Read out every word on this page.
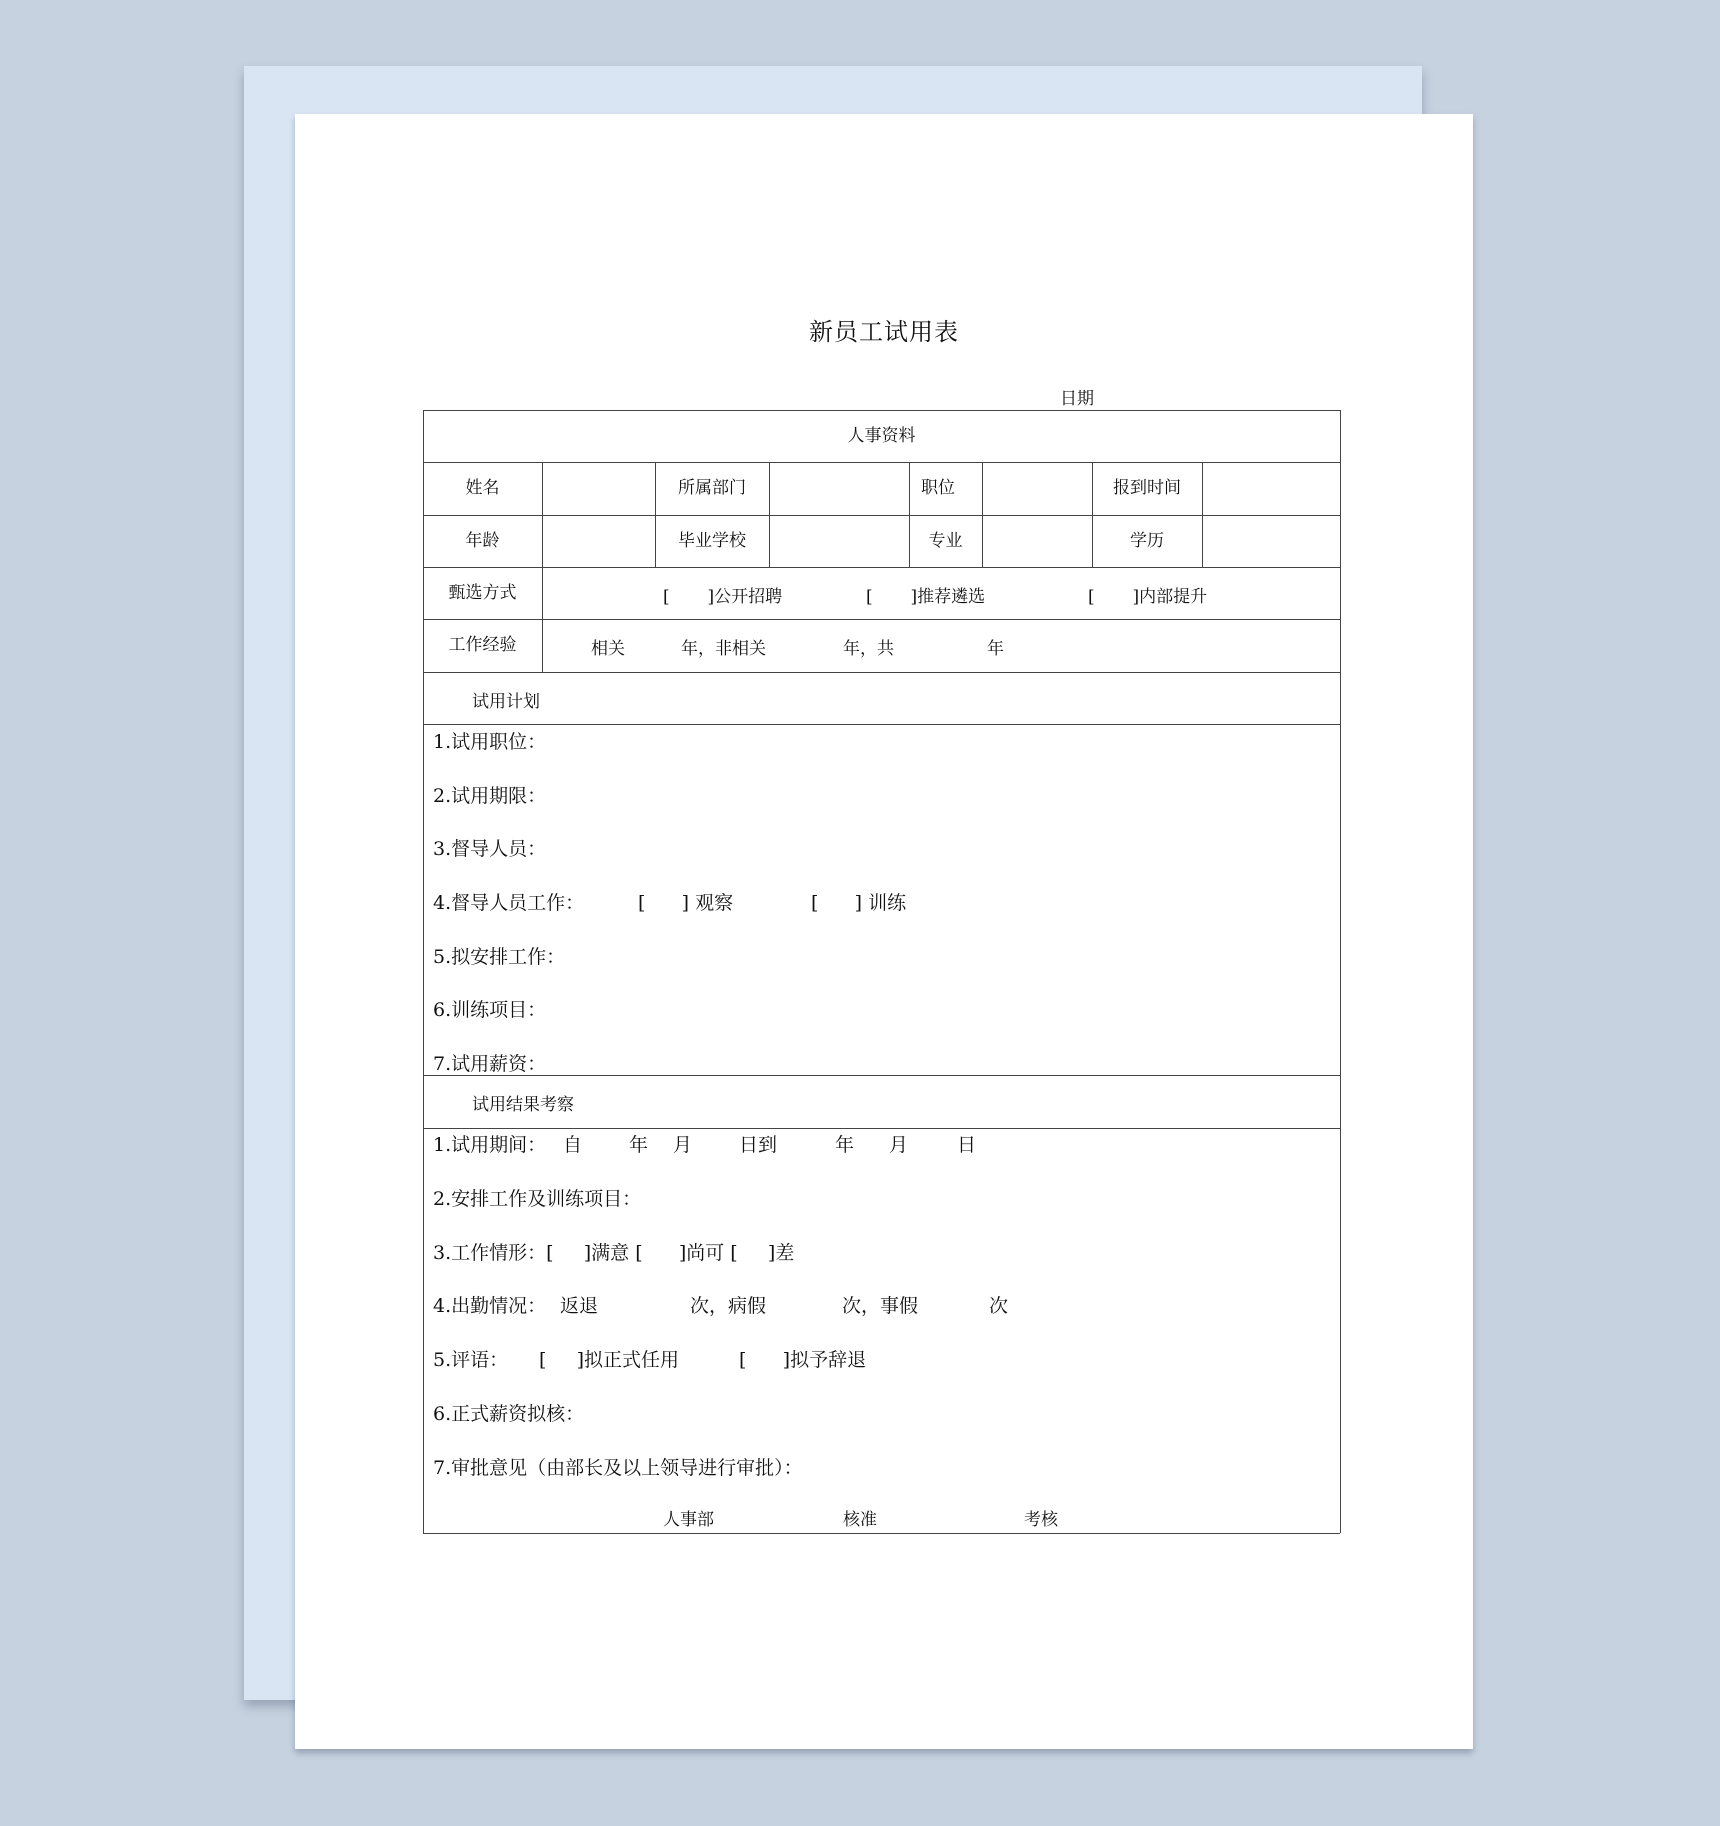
新员工试用表
日期
人事资料
姓名	所属部门	职位	报到时间
年龄	毕业学校	专业	学历
甄选方式	[       ]公开招聘	[       ]推荐遴选	[       ]内部提升
工作经验	相关	年，非相关	年，共	年
试用计划
1.试用职位：
2.试用期限：
3.督导人员：
4.督导人员工作：	[      ] 观察	[      ] 训练
5.拟安排工作：
6.训练项目：
7.试用薪资：
试用结果考察
1.试用期间： 自 年 月 日到	年 月	日
2.安排工作及训练项目：
3.工作情形：[     ]满意 [      ]尚可 [     ]差
4.出勤情况： 返退	次，病假	次，事假	次
5.评语： [     ]拟正式任用	[      ]拟予辞退
6.正式薪资拟核：
7.审批意见（由部长及以上领导进行审批）：
人事部	核准	考核
